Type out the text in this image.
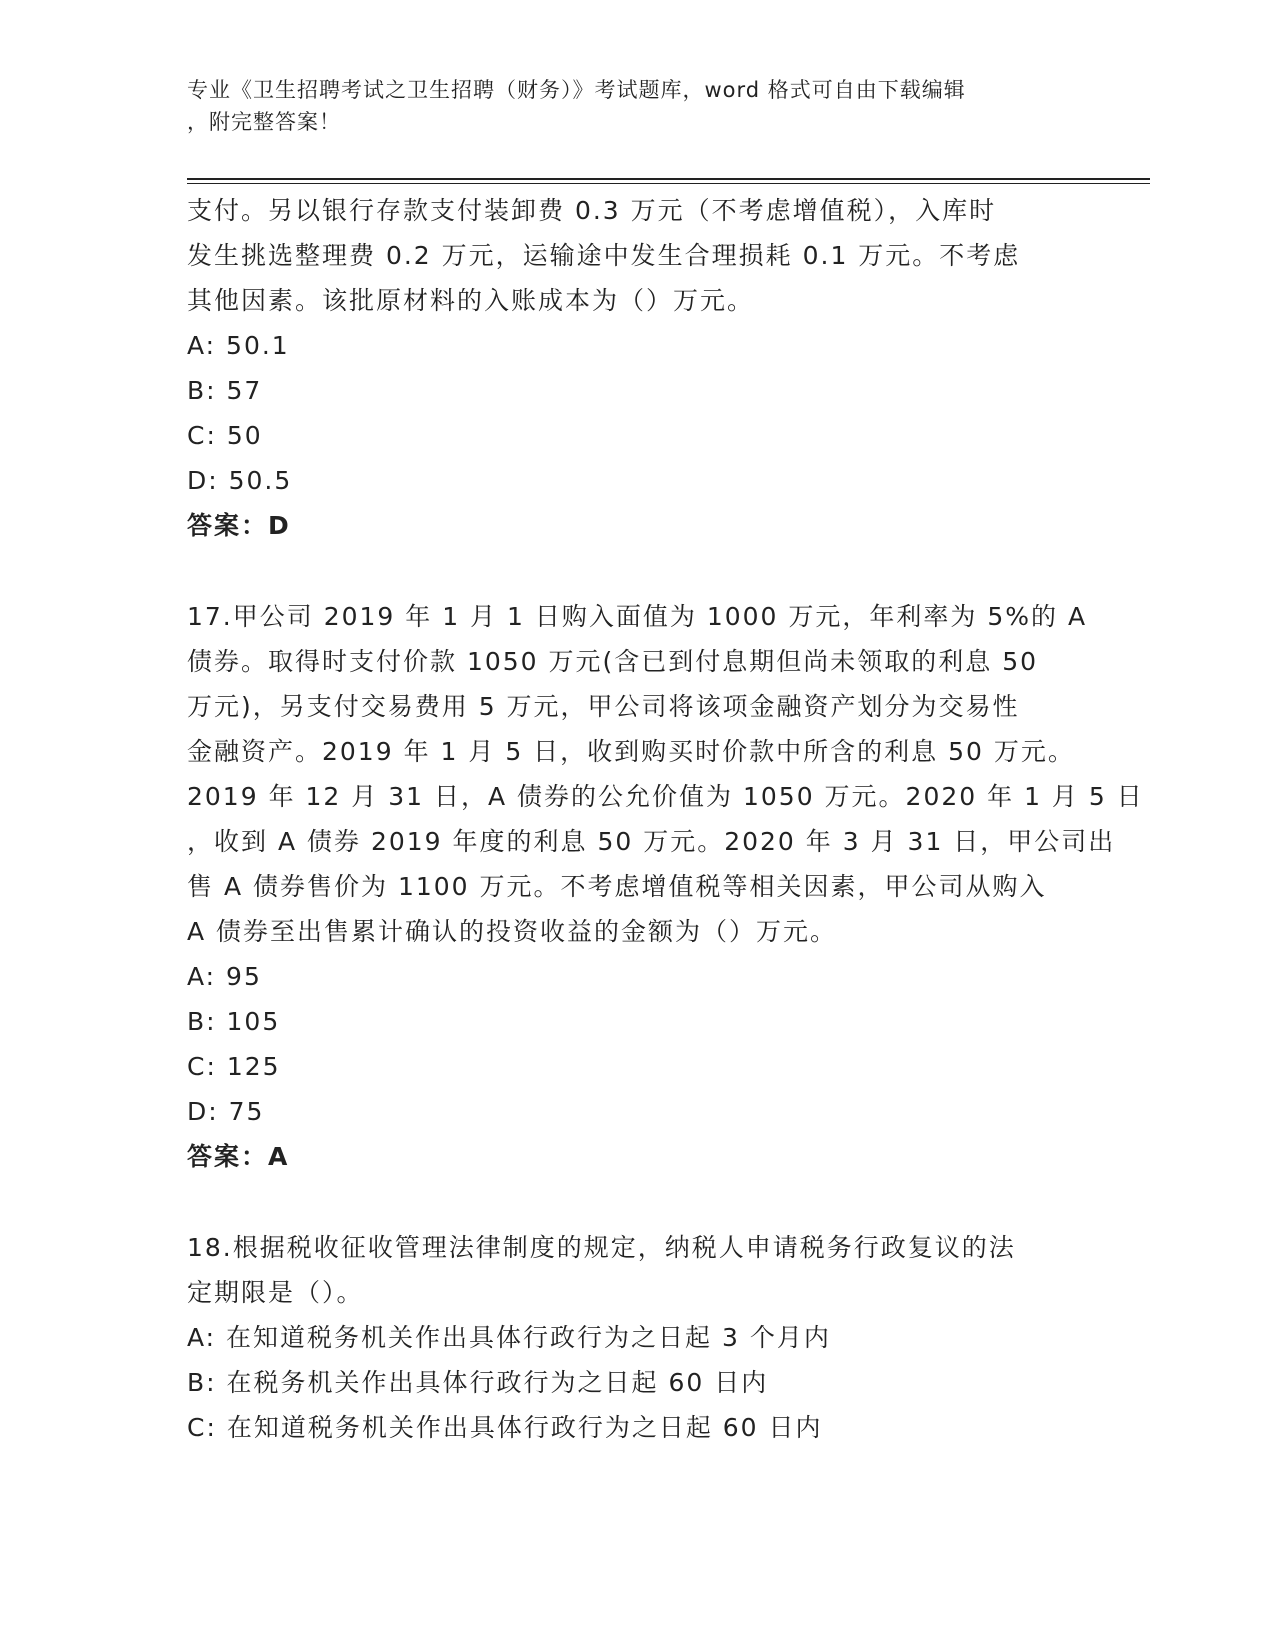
专业《卫生招聘考试之卫生招聘（财务）》考试题库，word 格式可自由下载编辑
，附完整答案！
支付。另以银行存款支付装卸费 0.3 万元（不考虑增值税），入库时
发生挑选整理费 0.2 万元，运输途中发生合理损耗 0.1 万元。不考虑
其他因素。该批原材料的入账成本为（）万元。
A: 50.1
B: 57
C: 50
D: 50.5
答案：D
17.甲公司 2019 年 1 月 1 日购入面值为 1000 万元，年利率为 5%的 A
债券。取得时支付价款 1050 万元(含已到付息期但尚未领取的利息 50
万元)，另支付交易费用 5 万元，甲公司将该项金融资产划分为交易性
金融资产。2019 年 1 月 5 日，收到购买时价款中所含的利息 50 万元。
2019 年 12 月 31 日，A 债券的公允价值为 1050 万元。2020 年 1 月 5 日
，收到 A 债券 2019 年度的利息 50 万元。2020 年 3 月 31 日，甲公司出
售 A 债券售价为 1100 万元。不考虑增值税等相关因素，甲公司从购入
A 债券至出售累计确认的投资收益的金额为（）万元。
A: 95
B: 105
C: 125
D: 75
答案：A
18.根据税收征收管理法律制度的规定，纳税人申请税务行政复议的法
定期限是（）。
A: 在知道税务机关作出具体行政行为之日起 3 个月内
B: 在税务机关作出具体行政行为之日起 60 日内
C: 在知道税务机关作出具体行政行为之日起 60 日内
